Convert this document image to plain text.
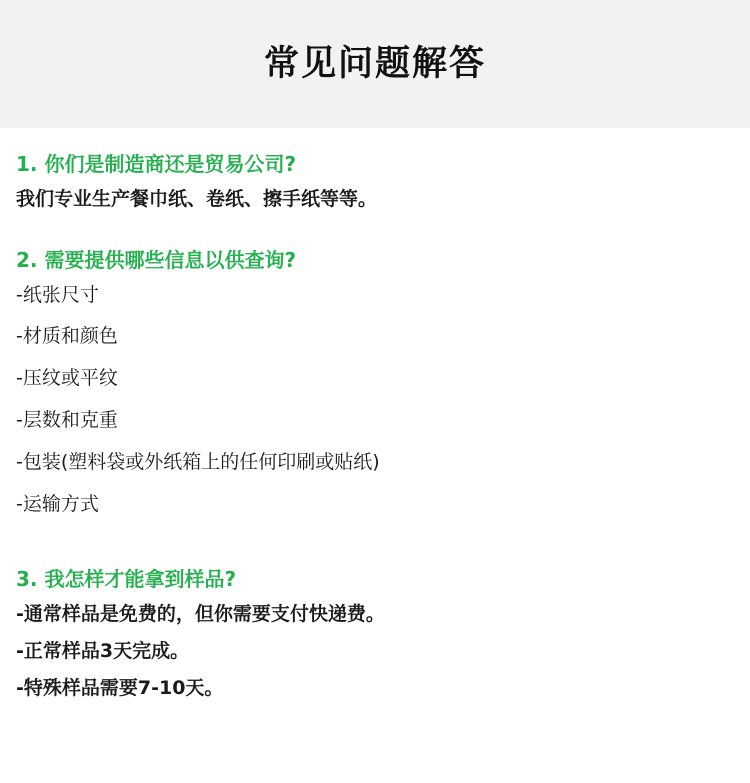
常见问题解答

1. 你们是制造商还是贸易公司?

我们专业生产餐巾纸、卷纸、擦手纸等等。

2. 需要提供哪些信息以供查询?

-纸张尺寸
-材质和颜色
-压纹或平纹
-层数和克重
-包装(塑料袋或外纸箱上的任何印刷或贴纸)
-运输方式

3. 我怎样才能拿到样品?

-通常样品是免费的，但你需要支付快递费。
-正常样品3天完成。
-特殊样品需要7-10天。
